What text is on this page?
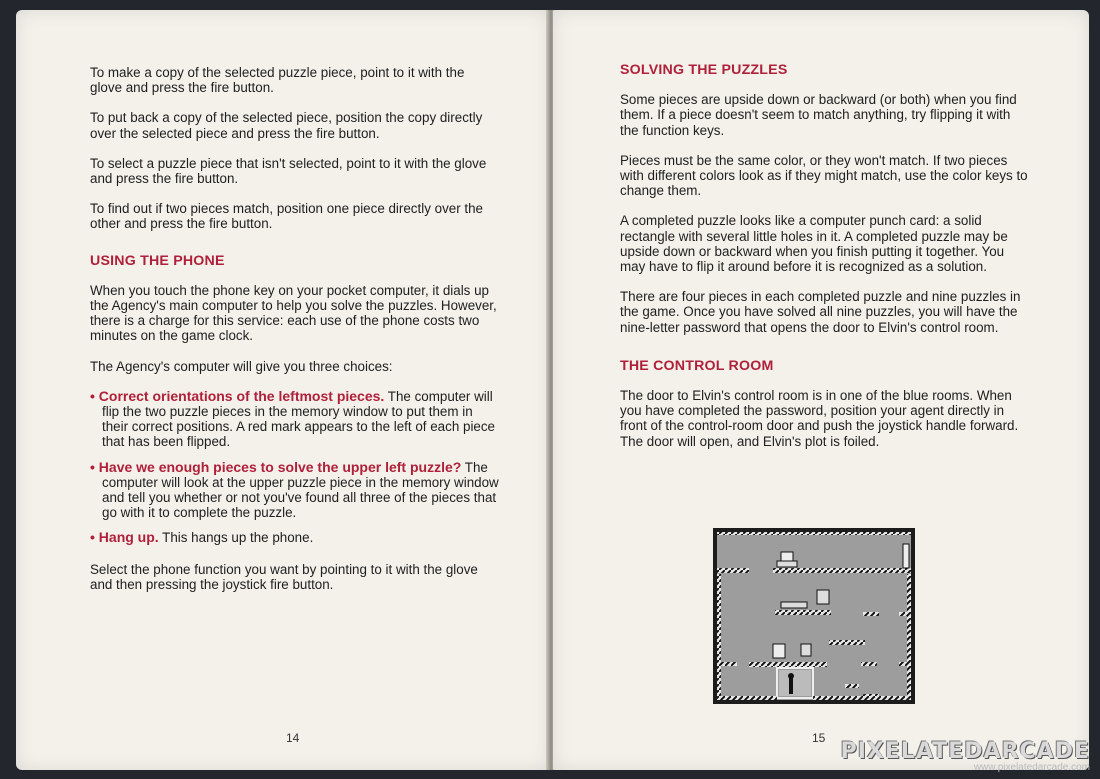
To make a copy of the selected puzzle piece, point to it with the glove and press the fire button.

To put back a copy of the selected piece, position the copy directly over the selected piece and press the fire button.

To select a puzzle piece that isn't selected, point to it with the glove and press the fire button.

To find out if two pieces match, position one piece directly over the other and press the fire button.

USING THE PHONE

When you touch the phone key on your pocket computer, it dials up the Agency's main computer to help you solve the puzzles. However, there is a charge for this service: each use of the phone costs two minutes on the game clock.

The Agency's computer will give you three choices:

• Correct orientations of the leftmost pieces. The computer will flip the two puzzle pieces in the memory window to put them in their correct positions. A red mark appears to the left of each piece that has been flipped.
• Have we enough pieces to solve the upper left puzzle? The computer will look at the upper puzzle piece in the memory window and tell you whether or not you've found all three of the pieces that go with it to complete the puzzle.
• Hang up. This hangs up the phone.

Select the phone function you want by pointing to it with the glove and then pressing the joystick fire button.

14
SOLVING THE PUZZLES

Some pieces are upside down or backward (or both) when you find them. If a piece doesn't seem to match anything, try flipping it with the function keys.

Pieces must be the same color, or they won't match. If two pieces with different colors look as if they might match, use the color keys to change them.

A completed puzzle looks like a computer punch card: a solid rectangle with several little holes in it. A completed puzzle may be upside down or backward when you finish putting it together. You may have to flip it around before it is recognized as a solution.

There are four pieces in each completed puzzle and nine puzzles in the game. Once you have solved all nine puzzles, you will have the nine-letter password that opens the door to Elvin's control room.

THE CONTROL ROOM

The door to Elvin's control room is in one of the blue rooms. When you have completed the password, position your agent directly in front of the control-room door and push the joystick handle forward. The door will open, and Elvin's plot is foiled.

15
PIXELATEDARCADE
www.pixelatedarcade.com
